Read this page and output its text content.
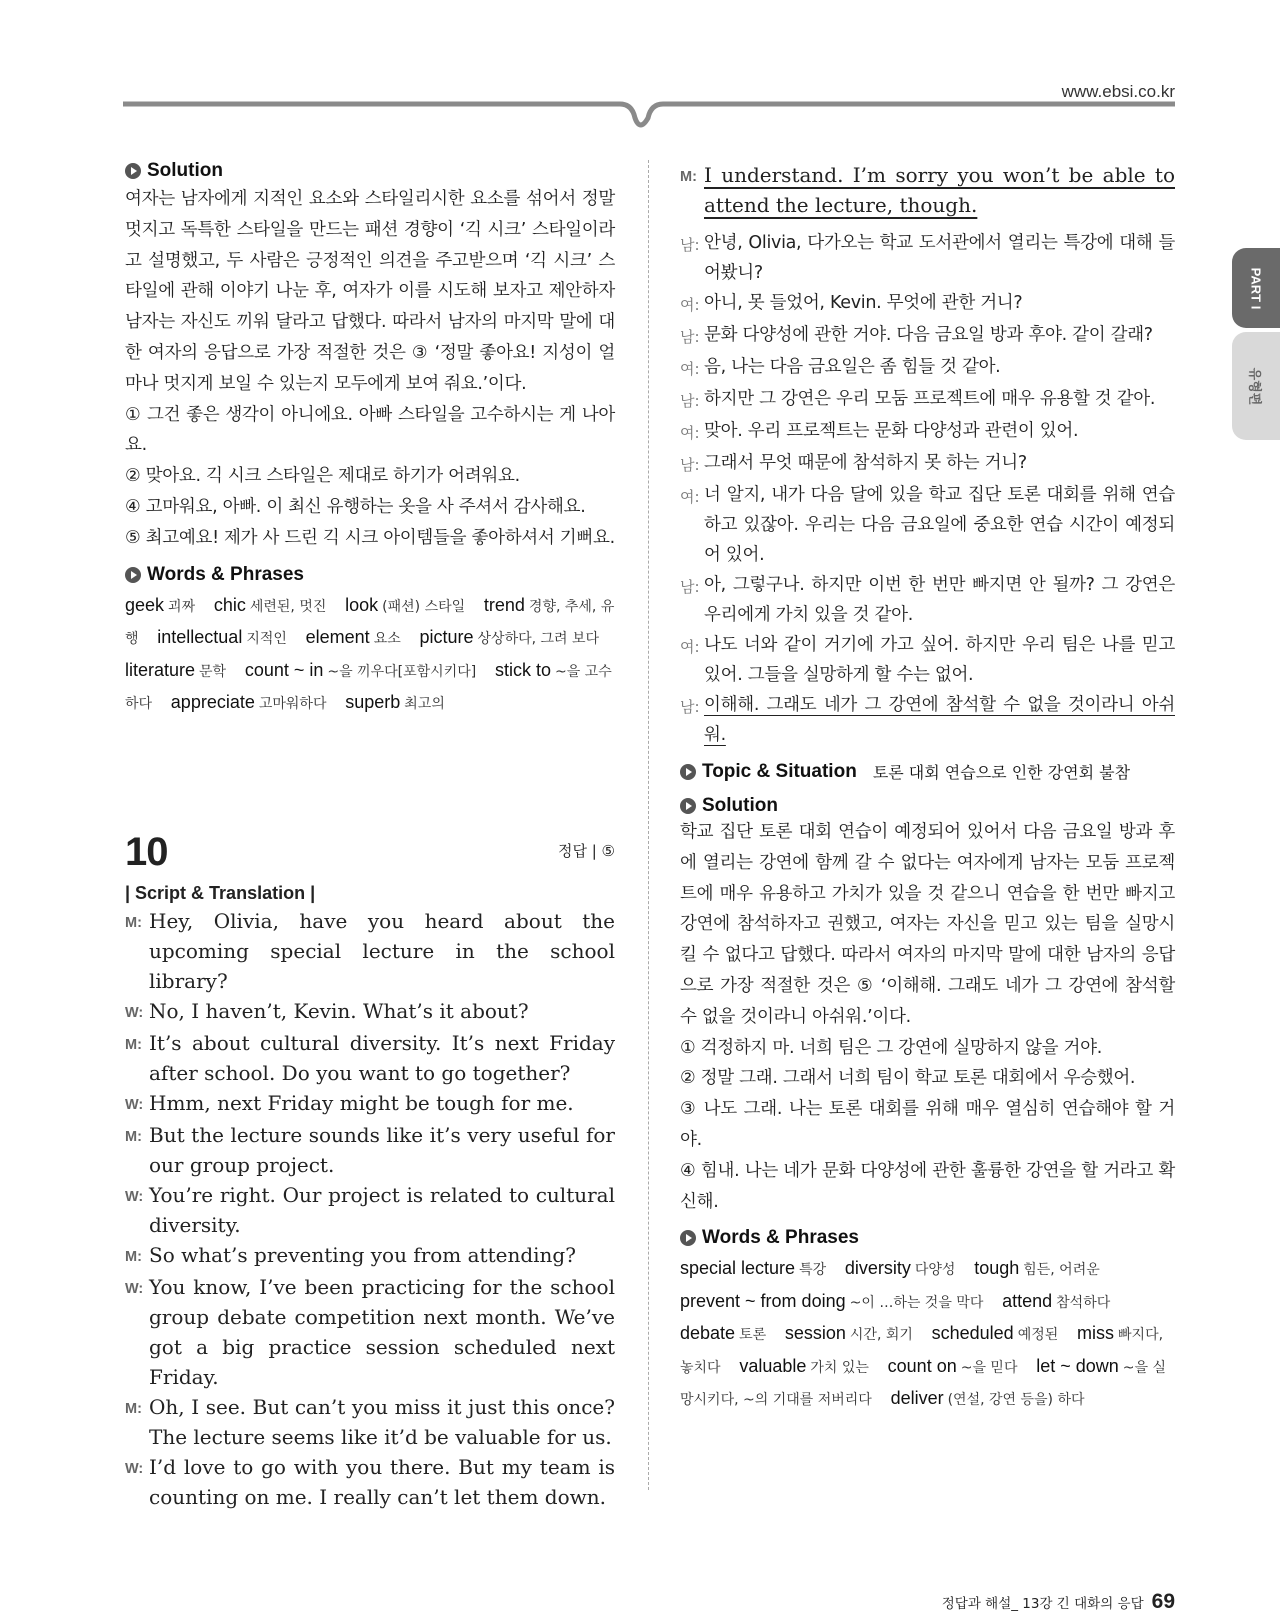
www.ebsi.co.kr
PART I
유형편
Solution

여자는 남자에게 지적인 요소와 스타일리시한 요소를 섞어서 정말 멋지고 독특한 스타일을 만드는 패션 경향이 ‘긱 시크’ 스타일이라고 설명했고, 두 사람은 긍정적인 의견을 주고받으며 ‘긱 시크’ 스타일에 관해 이야기 나눈 후, 여자가 이를 시도해 보자고 제안하자 남자는 자신도 끼워 달라고 답했다. 따라서 남자의 마지막 말에 대한 여자의 응답으로 가장 적절한 것은 ③ ‘정말 좋아요! 지성이 얼마나 멋지게 보일 수 있는지 모두에게 보여 줘요.’이다.

① 그건 좋은 생각이 아니에요. 아빠 스타일을 고수하시는 게 나아요.

② 맞아요. 긱 시크 스타일은 제대로 하기가 어려워요.

④ 고마워요, 아빠. 이 최신 유행하는 옷을 사 주셔서 감사해요.

⑤ 최고예요! 제가 사 드린 긱 시크 아이템들을 좋아하셔서 기뻐요.

Words & Phrases
geek 괴짜 chic 세련된, 멋진 look (패션) 스타일 trend 경향, 추세, 유행 intellectual 지적인 element 요소 picture 상상하다, 그려 보다 literature 문학 count ~ in ~을 끼우다[포함시키다] stick to ~을 고수하다 appreciate 고마워하다 superb 최고의
10	정답 | ⑤
| Script & Translation |
M: Hey, Olivia, have you heard about the upcoming special lecture in the school library?
W: No, I haven’t, Kevin. What’s it about?
M: It’s about cultural diversity. It’s next Friday after school. Do you want to go together?
W: Hmm, next Friday might be tough for me.
M: But the lecture sounds like it’s very useful for our group project.
W: You’re right. Our project is related to cultural diversity.
M: So what’s preventing you from attending?
W: You know, I’ve been practicing for the school group debate competition next month. We’ve got a big practice session scheduled next Friday.
M: Oh, I see. But can’t you miss it just this once? The lecture seems like it’d be valuable for us.
W: I’d love to go with you there. But my team is counting on me. I really can’t let them down.
M: I understand. I’m sorry you won’t be able to attend the lecture, though.
남: 안녕, Olivia, 다가오는 학교 도서관에서 열리는 특강에 대해 들어봤니?
여: 아니, 못 들었어, Kevin. 무엇에 관한 거니?
남: 문화 다양성에 관한 거야. 다음 금요일 방과 후야. 같이 갈래?
여: 음, 나는 다음 금요일은 좀 힘들 것 같아.
남: 하지만 그 강연은 우리 모둠 프로젝트에 매우 유용할 것 같아.
여: 맞아. 우리 프로젝트는 문화 다양성과 관련이 있어.
남: 그래서 무엇 때문에 참석하지 못 하는 거니?
여: 너 알지, 내가 다음 달에 있을 학교 집단 토론 대회를 위해 연습하고 있잖아. 우리는 다음 금요일에 중요한 연습 시간이 예정되어 있어.
남: 아, 그렇구나. 하지만 이번 한 번만 빠지면 안 될까? 그 강연은 우리에게 가치 있을 것 같아.
여: 나도 너와 같이 거기에 가고 싶어. 하지만 우리 팀은 나를 믿고 있어. 그들을 실망하게 할 수는 없어.
남: 이해해. 그래도 네가 그 강연에 참석할 수 없을 것이라니 아쉬워.
Topic & Situation 토론 대회 연습으로 인한 강연회 불참
Solution

학교 집단 토론 대회 연습이 예정되어 있어서 다음 금요일 방과 후에 열리는 강연에 함께 갈 수 없다는 여자에게 남자는 모둠 프로젝트에 매우 유용하고 가치가 있을 것 같으니 연습을 한 번만 빠지고 강연에 참석하자고 권했고, 여자는 자신을 믿고 있는 팀을 실망시킬 수 없다고 답했다. 따라서 여자의 마지막 말에 대한 남자의 응답으로 가장 적절한 것은 ⑤ ‘이해해. 그래도 네가 그 강연에 참석할 수 없을 것이라니 아쉬워.’이다.

① 걱정하지 마. 너희 팀은 그 강연에 실망하지 않을 거야.

② 정말 그래. 그래서 너희 팀이 학교 토론 대회에서 우승했어.

③ 나도 그래. 나는 토론 대회를 위해 매우 열심히 연습해야 할 거야.

④ 힘내. 나는 네가 문화 다양성에 관한 훌륭한 강연을 할 거라고 확신해.

Words & Phrases
special lecture 특강 diversity 다양성 tough 힘든, 어려운 prevent ~ from doing ~이 …하는 것을 막다 attend 참석하다 debate 토론 session 시간, 회기 scheduled 예정된 miss 빠지다, 놓치다 valuable 가치 있는 count on ~을 믿다 let ~ down ~을 실망시키다, ~의 기대를 저버리다 deliver (연설, 강연 등을) 하다
정답과 해설_ 13강 긴 대화의 응답 69
